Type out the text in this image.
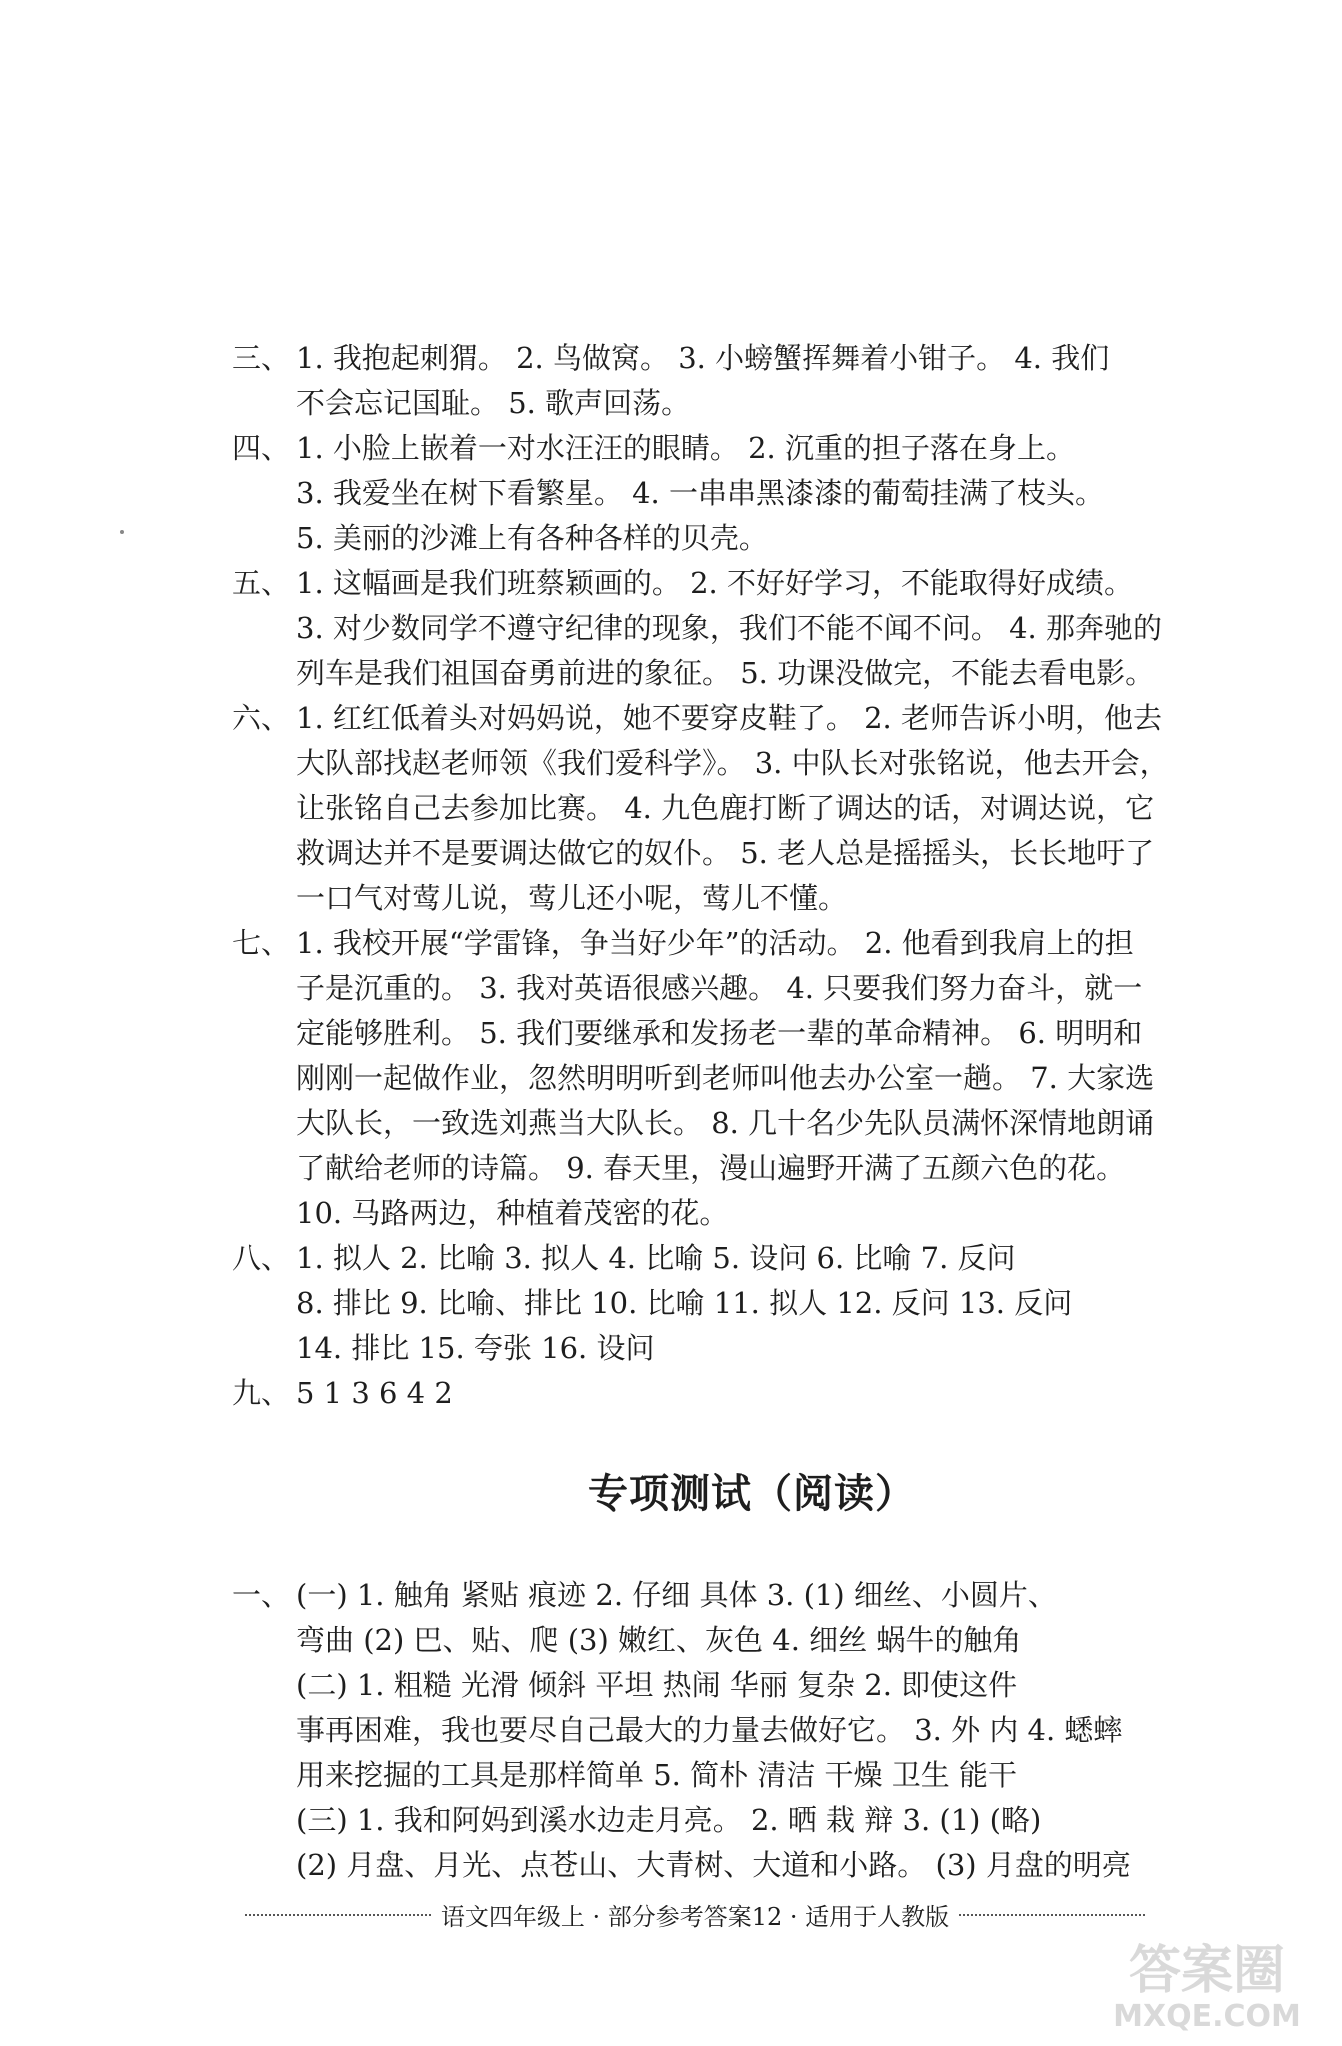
三、 1. 我抱起刺猬。 2. 鸟做窝。 3. 小螃蟹挥舞着小钳子。 4. 我们
不会忘记国耻。 5. 歌声回荡。
四、 1. 小脸上嵌着一对水汪汪的眼睛。 2. 沉重的担子落在身上。
3. 我爱坐在树下看繁星。 4. 一串串黑漆漆的葡萄挂满了枝头。
5. 美丽的沙滩上有各种各样的贝壳。
五、 1. 这幅画是我们班蔡颖画的。 2. 不好好学习，不能取得好成绩。
3. 对少数同学不遵守纪律的现象，我们不能不闻不问。 4. 那奔驰的
列车是我们祖国奋勇前进的象征。 5. 功课没做完，不能去看电影。
六、 1. 红红低着头对妈妈说，她不要穿皮鞋了。 2. 老师告诉小明，他去
大队部找赵老师领《我们爱科学》。 3. 中队长对张铭说，他去开会，
让张铭自己去参加比赛。 4. 九色鹿打断了调达的话，对调达说，它
救调达并不是要调达做它的奴仆。 5. 老人总是摇摇头，长长地吁了
一口气对莺儿说，莺儿还小呢，莺儿不懂。
七、 1. 我校开展“学雷锋，争当好少年”的活动。 2. 他看到我肩上的担
子是沉重的。 3. 我对英语很感兴趣。 4. 只要我们努力奋斗，就一
定能够胜利。 5. 我们要继承和发扬老一辈的革命精神。 6. 明明和
刚刚一起做作业，忽然明明听到老师叫他去办公室一趟。 7. 大家选
大队长，一致选刘燕当大队长。 8. 几十名少先队员满怀深情地朗诵
了献给老师的诗篇。 9. 春天里，漫山遍野开满了五颜六色的花。
10. 马路两边，种植着茂密的花。
八、 1. 拟人 2. 比喻 3. 拟人 4. 比喻 5. 设问 6. 比喻 7. 反问
8. 排比 9. 比喻、排比 10. 比喻 11. 拟人 12. 反问 13. 反问
14. 排比 15. 夸张 16. 设问
九、 5 1 3 6 4 2
专项测试（阅读）
一、 (一) 1. 触角 紧贴 痕迹 2. 仔细 具体 3. (1) 细丝、小圆片、
弯曲 (2) 巴、贴、爬 (3) 嫩红、灰色 4. 细丝 蜗牛的触角
(二) 1. 粗糙 光滑 倾斜 平坦 热闹 华丽 复杂 2. 即使这件
事再困难，我也要尽自己最大的力量去做好它。 3. 外 内 4. 蟋蟀
用来挖掘的工具是那样简单 5. 简朴 清洁 干燥 卫生 能干
(三) 1. 我和阿妈到溪水边走月亮。 2. 晒 栽 辩 3. (1) (略)
(2) 月盘、月光、点苍山、大青树、大道和小路。 (3) 月盘的明亮
语文四年级上 · 部分参考答案12 · 适用于人教版
答案圈
MXQE.COM
